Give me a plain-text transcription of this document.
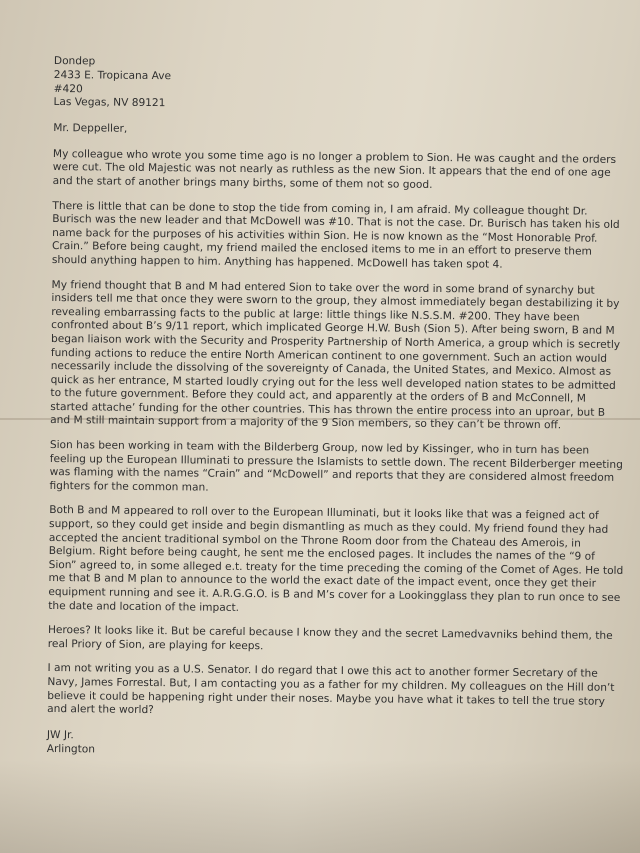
Dondep
2433 E. Tropicana Ave
#420
Las Vegas, NV 89121
Mr. Deppeller,

My colleague who wrote you some time ago is no longer a problem to Sion. He was caught and the orders were cut. The old Majestic was not nearly as ruthless as the new Sion. It appears that the end of one age and the start of another brings many births, some of them not so good.

There is little that can be done to stop the tide from coming in, I am afraid. My colleague thought Dr. Burisch was the new leader and that McDowell was #10. That is not the case. Dr. Burisch has taken his old name back for the purposes of his activities within Sion. He is now known as the “Most Honorable Prof. Crain.” Before being caught, my friend mailed the enclosed items to me in an effort to preserve them should anything happen to him. Anything has happened. McDowell has taken spot 4.

My friend thought that B and M had entered Sion to take over the word in some brand of synarchy but insiders tell me that once they were sworn to the group, they almost immediately began destabilizing it by revealing embarrassing facts to the public at large: little things like N.S.S.M. #200. They have been confronted about B’s 9/11 report, which implicated George H.W. Bush (Sion 5). After being sworn, B and M began liaison work with the Security and Prosperity Partnership of North America, a group which is secretly funding actions to reduce the entire North American continent to one government. Such an action would necessarily include the dissolving of the sovereignty of Canada, the United States, and Mexico. Almost as quick as her entrance, M started loudly crying out for the less well developed nation states to be admitted to the future government. Before they could act, and apparently at the orders of B and McConnell, M started attache’ funding for the other countries. This has thrown the entire process into an uproar, but B and M still maintain support from a majority of the 9 Sion members, so they can’t be thrown off.

Sion has been working in team with the Bilderberg Group, now led by Kissinger, who in turn has been feeling up the European Illuminati to pressure the Islamists to settle down. The recent Bilderberger meeting was flaming with the names “Crain” and “McDowell” and reports that they are considered almost freedom fighters for the common man.

Both B and M appeared to roll over to the European Illuminati, but it looks like that was a feigned act of support, so they could get inside and begin dismantling as much as they could. My friend found they had accepted the ancient traditional symbol on the Throne Room door from the Chateau des Amerois, in Belgium. Right before being caught, he sent me the enclosed pages. It includes the names of the “9 of Sion” agreed to, in some alleged e.t. treaty for the time preceding the coming of the Comet of Ages. He told me that B and M plan to announce to the world the exact date of the impact event, once they get their equipment running and see it. A.R.G.G.O. is B and M’s cover for a Lookingglass they plan to run once to see the date and location of the impact.

Heroes? It looks like it. But be careful because I know they and the secret Lamedvavniks behind them, the real Priory of Sion, are playing for keeps.

I am not writing you as a U.S. Senator. I do regard that I owe this act to another former Secretary of the Navy, James Forrestal. But, I am contacting you as a father for my children. My colleagues on the Hill don’t believe it could be happening right under their noses. Maybe you have what it takes to tell the true story and alert the world?

JW Jr.
Arlington
